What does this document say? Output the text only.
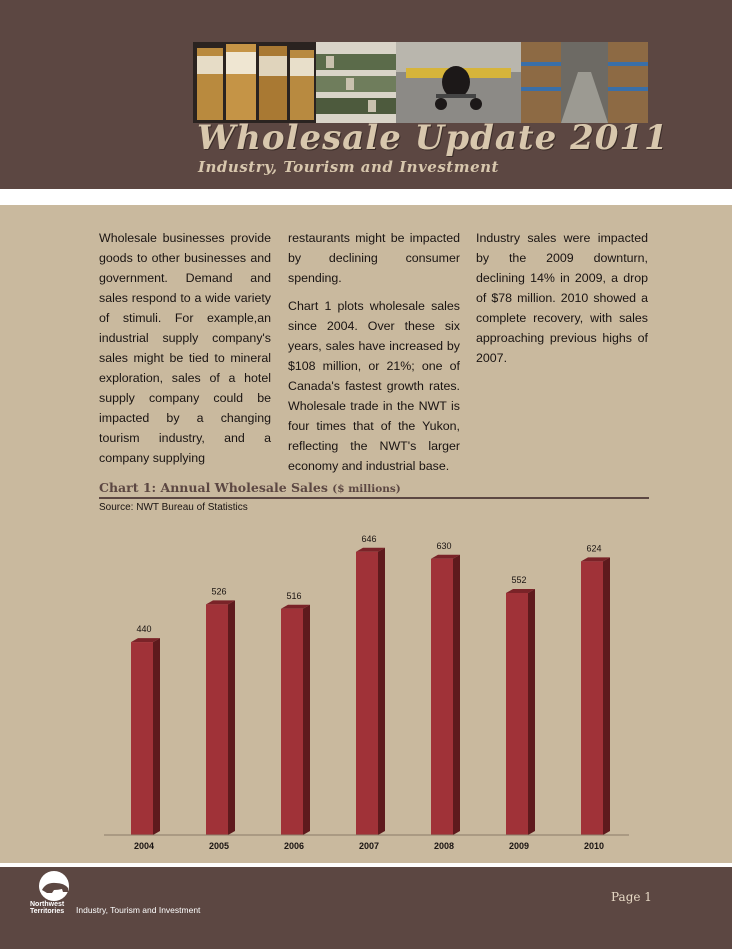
Wholesale Update 2011
Industry, Tourism and Investment

Wholesale businesses provide goods to other businesses and government. Demand and sales respond to a wide variety of stimuli. For example,an industrial supply company's sales might be tied to mineral exploration, sales of a hotel supply company could be impacted by a changing tourism industry, and a company supplying

restaurants might be impacted by declining consumer spending.

Chart 1 plots wholesale sales since 2004. Over these six years, sales have increased by $108 million, or 21%; one of Canada's fastest growth rates. Wholesale trade in the NWT is four times that of the Yukon, reflecting the NWT's larger economy and industrial base.

Industry sales were impacted by the 2009 downturn, declining 14% in 2009, a drop of $78 million. 2010 showed a complete recovery, with sales approaching previous highs of 2007.

Chart 1: Annual Wholesale Sales ($ millions)
Source: NWT Bureau of Statistics
440
2004
526
2005
516
2006
646
2007
630
2008
552
2009
624
2010
Northwest
Territories Industry, Tourism and Investment
Page 1
